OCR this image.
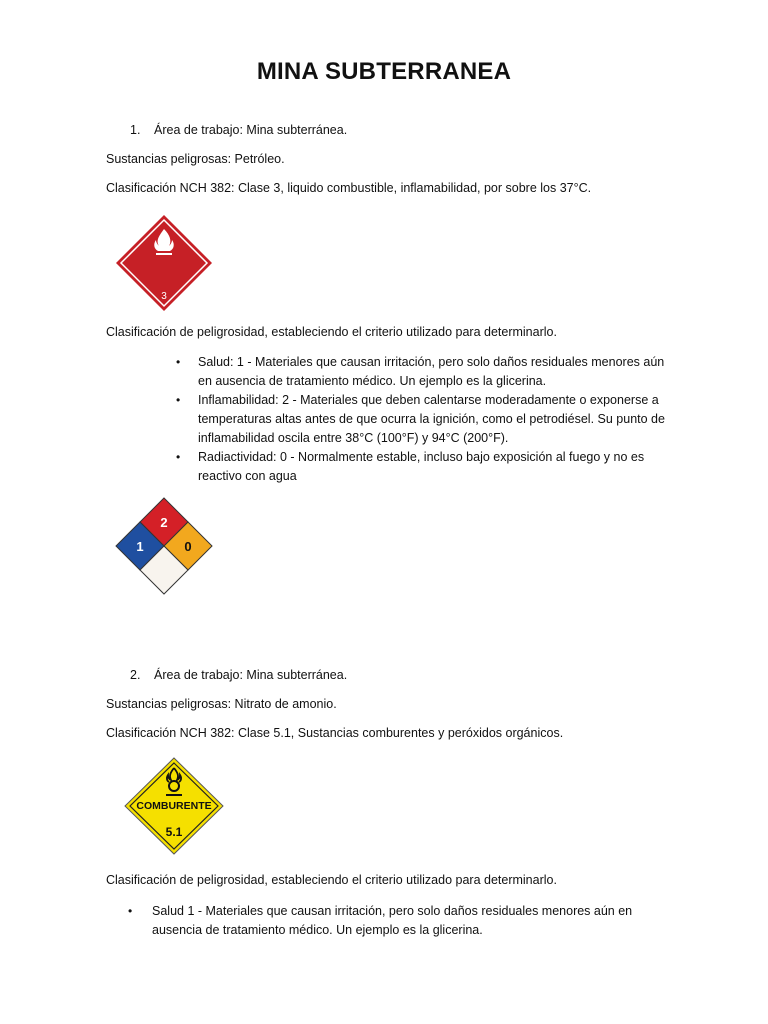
MINA SUBTERRANEA
1. Área de trabajo: Mina subterránea.
Sustancias peligrosas: Petróleo.
Clasificación NCH 382: Clase 3, liquido combustible, inflamabilidad, por sobre los 37°C.
3
Clasificación de peligrosidad, estableciendo el criterio utilizado para determinarlo.
• Salud: 1 - Materiales que causan irritación, pero solo daños residuales menores aún en ausencia de tratamiento médico. Un ejemplo es la glicerina.
• Inflamabilidad: 2 - Materiales que deben calentarse moderadamente o exponerse a temperaturas altas antes de que ocurra la ignición, como el petrodiésel. Su punto de inflamabilidad oscila entre 38°C (100°F) y 94°C (200°F).
• Radiactividad: 0 - Normalmente estable, incluso bajo exposición al fuego y no es reactivo con agua
2
1	0
2. Área de trabajo: Mina subterránea.
Sustancias peligrosas: Nitrato de amonio.
Clasificación NCH 382: Clase 5.1, Sustancias comburentes y peróxidos orgánicos.
COMBURENTE
5.1
Clasificación de peligrosidad, estableciendo el criterio utilizado para determinarlo.
• Salud 1 - Materiales que causan irritación, pero solo daños residuales menores aún en ausencia de tratamiento médico. Un ejemplo es la glicerina.
